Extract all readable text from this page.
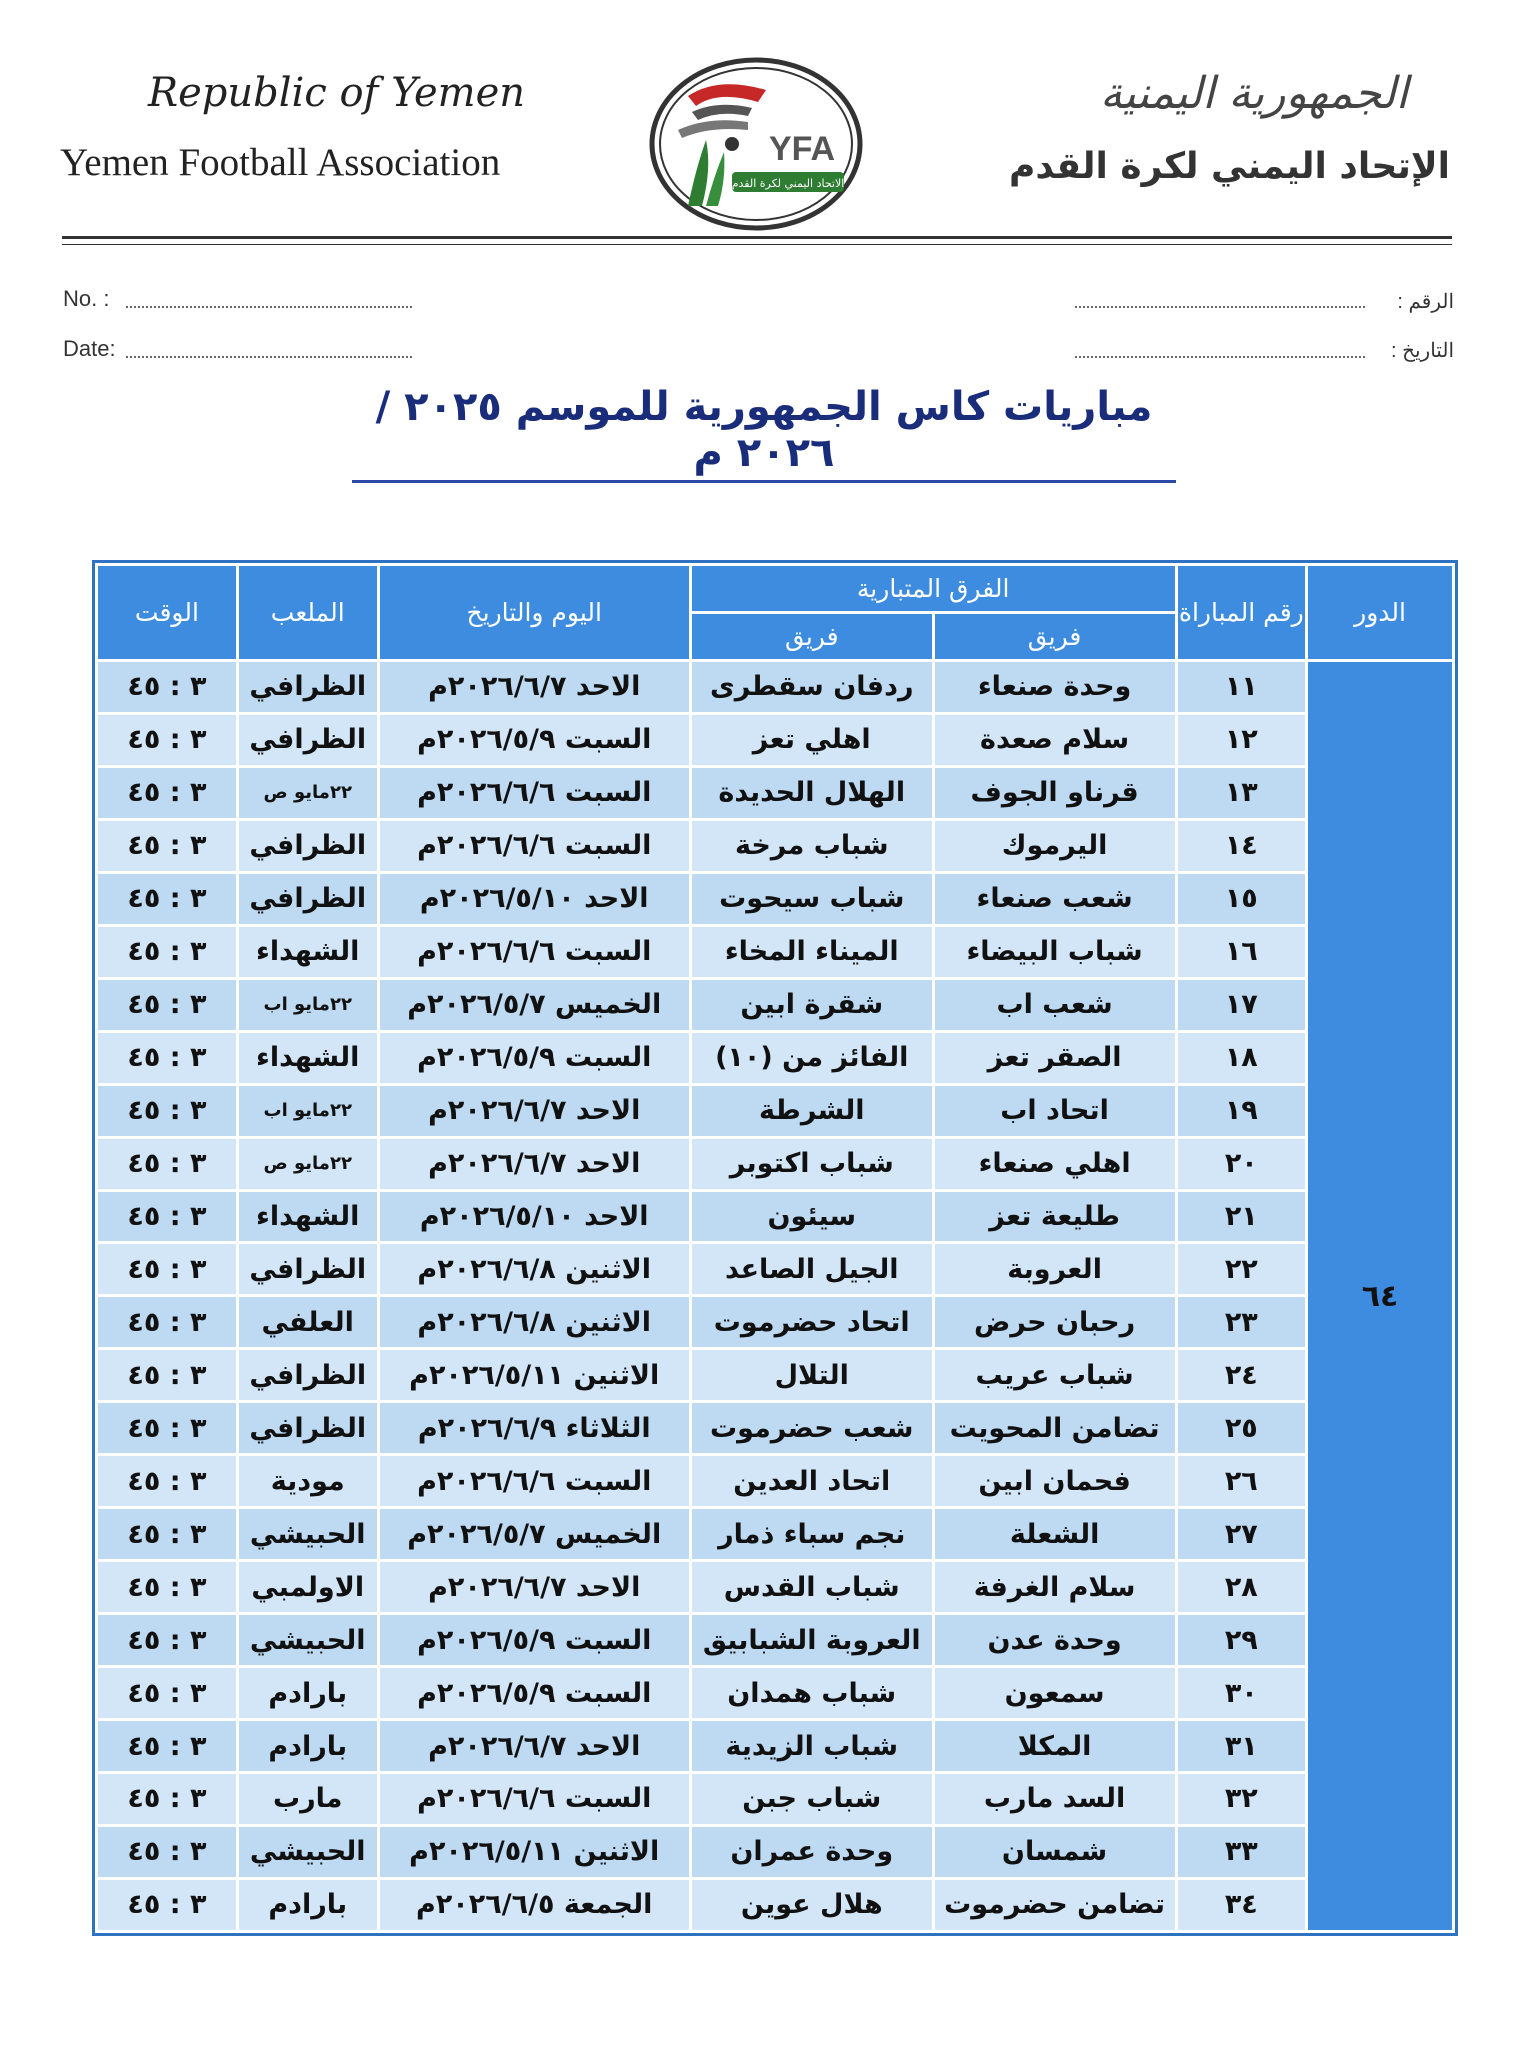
Republic of Yemen
Yemen Football Association
الجمهورية اليمنية
الإتحاد اليمني لكرة القدم
YFA
الاتحاد اليمني لكرة القدم
No. :
Date:
الرقم :
التاريخ :
مباريات كاس الجمهورية للموسم ٢٠٢٥ /٢٠٢٦ م
الدور	رقم المباراة	الفرق المتبارية		اليوم والتاريخ	الملعب	الوقت
		فريق	فريق			
٦٤	١١	وحدة صنعاء	ردفان سقطرى	الاحد ٢٠٢٦/٦/٧م	الظرافي	٣ : ٤٥
	١٢	سلام صعدة	اهلي تعز	السبت ٢٠٢٦/٥/٩م	الظرافي	٣ : ٤٥
	١٣	قرناو الجوف	الهلال الحديدة	السبت ٢٠٢٦/٦/٦م	٢٢مايو ص	٣ : ٤٥
	١٤	اليرموك	شباب مرخة	السبت ٢٠٢٦/٦/٦م	الظرافي	٣ : ٤٥
	١٥	شعب صنعاء	شباب سيحوت	الاحد ٢٠٢٦/٥/١٠م	الظرافي	٣ : ٤٥
	١٦	شباب البيضاء	الميناء المخاء	السبت ٢٠٢٦/٦/٦م	الشهداء	٣ : ٤٥
	١٧	شعب اب	شقرة ابين	الخميس ٢٠٢٦/٥/٧م	٢٢مايو اب	٣ : ٤٥
	١٨	الصقر تعز	الفائز من (١٠)	السبت ٢٠٢٦/٥/٩م	الشهداء	٣ : ٤٥
	١٩	اتحاد اب	الشرطة	الاحد ٢٠٢٦/٦/٧م	٢٢مايو اب	٣ : ٤٥
	٢٠	اهلي صنعاء	شباب اكتوبر	الاحد ٢٠٢٦/٦/٧م	٢٢مايو ص	٣ : ٤٥
	٢١	طليعة تعز	سيئون	الاحد ٢٠٢٦/٥/١٠م	الشهداء	٣ : ٤٥
	٢٢	العروبة	الجيل الصاعد	الاثنين ٢٠٢٦/٦/٨م	الظرافي	٣ : ٤٥
	٢٣	رحبان حرض	اتحاد حضرموت	الاثنين ٢٠٢٦/٦/٨م	العلفي	٣ : ٤٥
	٢٤	شباب عريب	التلال	الاثنين ٢٠٢٦/٥/١١م	الظرافي	٣ : ٤٥
	٢٥	تضامن المحويت	شعب حضرموت	الثلاثاء ٢٠٢٦/٦/٩م	الظرافي	٣ : ٤٥
	٢٦	فحمان ابين	اتحاد العدين	السبت ٢٠٢٦/٦/٦م	مودية	٣ : ٤٥
	٢٧	الشعلة	نجم سباء ذمار	الخميس ٢٠٢٦/٥/٧م	الحبيشي	٣ : ٤٥
	٢٨	سلام الغرفة	شباب القدس	الاحد ٢٠٢٦/٦/٧م	الاولمبي	٣ : ٤٥
	٢٩	وحدة عدن	العروبة الشبابيق	السبت ٢٠٢٦/٥/٩م	الحبيشي	٣ : ٤٥
	٣٠	سمعون	شباب همدان	السبت ٢٠٢٦/٥/٩م	بارادم	٣ : ٤٥
	٣١	المكلا	شباب الزيدية	الاحد ٢٠٢٦/٦/٧م	بارادم	٣ : ٤٥
	٣٢	السد مارب	شباب جبن	السبت ٢٠٢٦/٦/٦م	مارب	٣ : ٤٥
	٣٣	شمسان	وحدة عمران	الاثنين ٢٠٢٦/٥/١١م	الحبيشي	٣ : ٤٥
	٣٤	تضامن حضرموت	هلال عوين	الجمعة ٢٠٢٦/٦/٥م	بارادم	٣ : ٤٥
